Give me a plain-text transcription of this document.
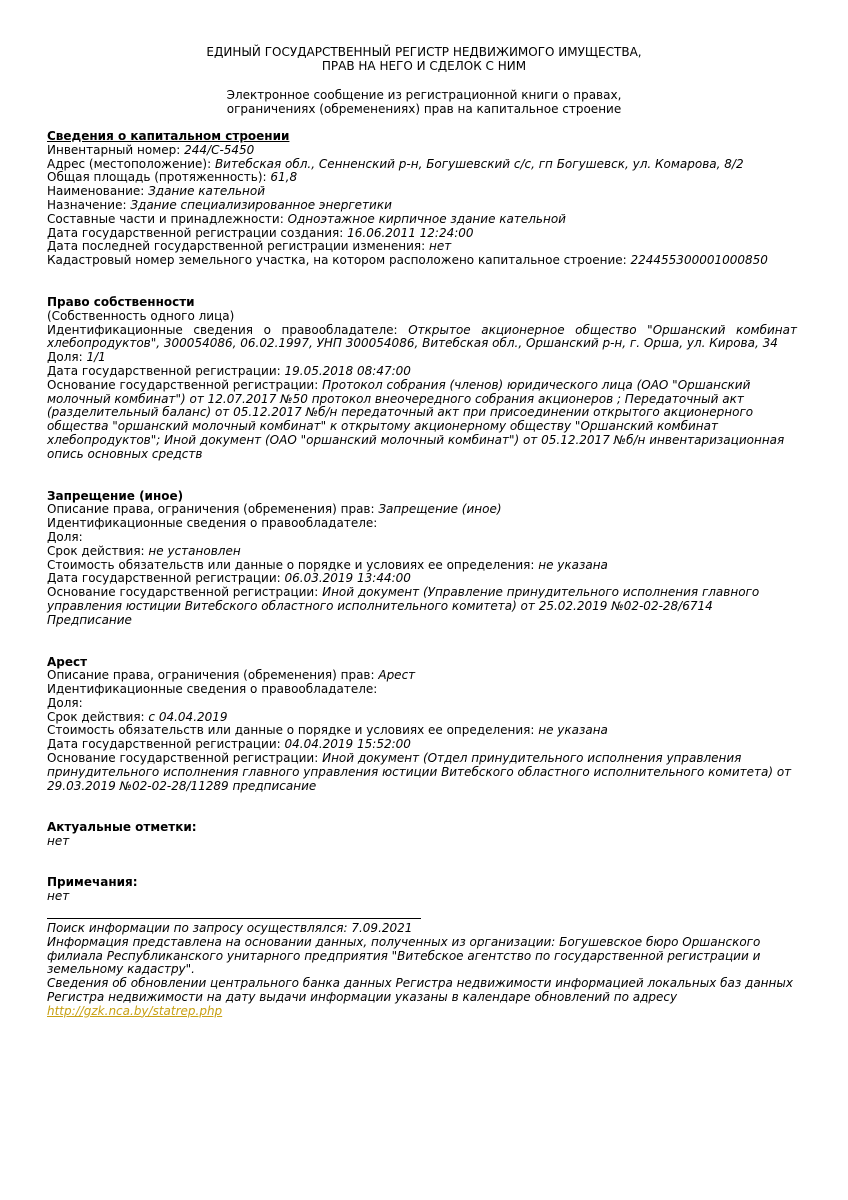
ЕДИНЫЙ ГОСУДАРСТВЕННЫЙ РЕГИСТР НЕДВИЖИМОГО ИМУЩЕСТВА,
ПРАВ НА НЕГО И СДЕЛОК С НИМ
Электронное сообщение из регистрационной книги о правах,
ограничениях (обременениях) прав на капитальное строение
Сведения о капитальном строении
Инвентарный номер: 244/C-5450
Адрес (местоположение): Витебская обл., Сенненский р-н, Богушевский с/с, гп Богушевск, ул. Комарова, 8/2
Общая площадь (протяженность): 61,8
Наименование: Здание кательной
Назначение: Здание специализированное энергетики
Составные части и принадлежности: Одноэтажное кирпичное здание кательной
Дата государственной регистрации создания: 16.06.2011 12:24:00
Дата последней государственной регистрации изменения: нет
Кадастровый номер земельного участка, на котором расположено капитальное строение: 224455300001000850
Право собственности
(Собственность одного лица)
Идентификационные сведения о правообладателе: Открытое акционерное общество "Оршанский комбинат хлебопродуктов", 300054086, 06.02.1997, УНП 300054086, Витебская обл., Оршанский р-н, г. Орша, ул. Кирова, 34
Доля: 1/1
Дата государственной регистрации: 19.05.2018 08:47:00
Основание государственной регистрации: Протокол собрания (членов) юридического лица (ОАО "Оршанский молочный комбинат") от 12.07.2017 №50 протокол внеочередного собрания акционеров ; Передаточный акт (разделительный баланс) от 05.12.2017 №б/н передаточный акт при присоединении открытого акционерного общества "оршанский молочный комбинат" к открытому акционерному обществу "Оршанский комбинат хлебопродуктов"; Иной документ (ОАО "оршанский молочный комбинат") от 05.12.2017 №б/н инвентаризационная опись основных средств
Запрещение (иное)
Описание права, ограничения (обременения) прав: Запрещение (иное)
Идентификационные сведения о правообладателе:
Доля:
Срок действия: не установлен
Стоимость обязательств или данные о порядке и условиях ее определения: не указана
Дата государственной регистрации: 06.03.2019 13:44:00
Основание государственной регистрации: Иной документ (Управление принудительного исполнения главного управления юстиции Витебского областного исполнительного комитета) от 25.02.2019 №02-02-28/6714 Предписание
Арест
Описание права, ограничения (обременения) прав: Арест
Идентификационные сведения о правообладателе:
Доля:
Срок действия: с 04.04.2019
Стоимость обязательств или данные о порядке и условиях ее определения: не указана
Дата государственной регистрации: 04.04.2019 15:52:00
Основание государственной регистрации: Иной документ (Отдел принудительного исполнения управления принудительного исполнения главного управления юстиции Витебского областного исполнительного комитета) от 29.03.2019 №02-02-28/11289 предписание
Актуальные отметки:
нет
Примечания:
нет
Поиск информации по запросу осуществлялся: 7.09.2021
Информация представлена на основании данных, полученных из организации: Богушевское бюро Оршанского филиала Республиканского унитарного предприятия "Витебское агентство по государственной регистрации и земельному кадастру".
Сведения об обновлении центрального банка данных Регистра недвижимости информацией локальных баз данных Регистра недвижимости на дату выдачи информации указаны в календаре обновлений по адресу
http://gzk.nca.by/statrep.php
